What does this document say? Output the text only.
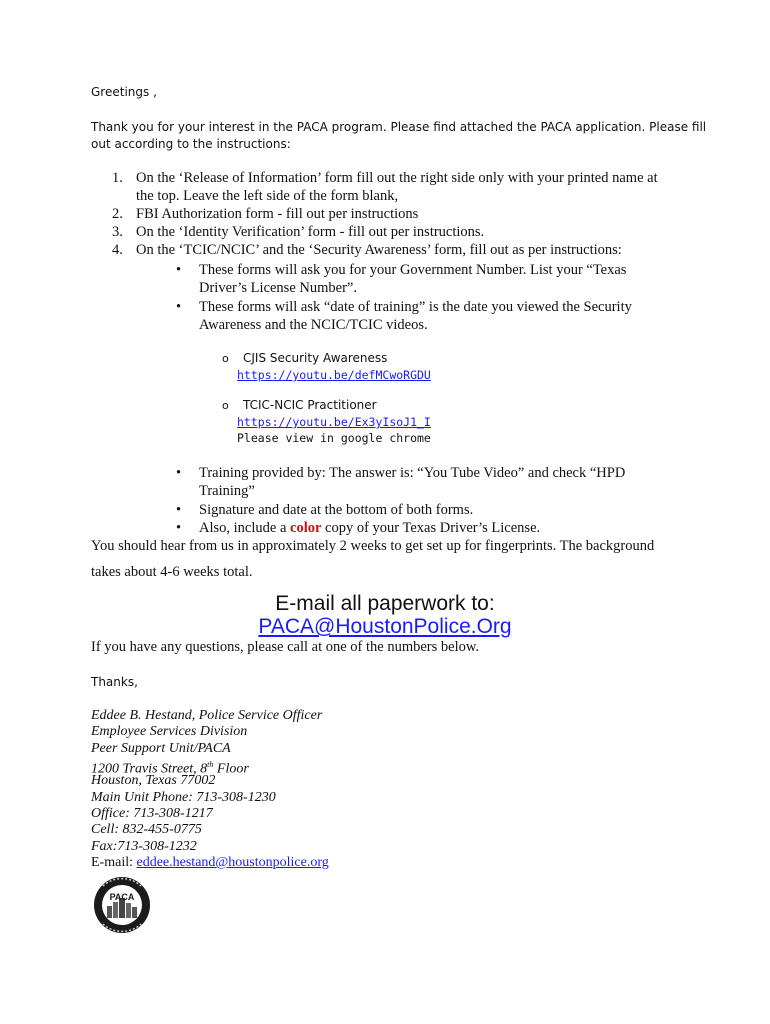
Greetings ,
Thank you for your interest in the PACA program. Please find attached the PACA application. Please fill
out according to the instructions:
1. On the ‘Release of Information’ form fill out the right side only with your printed name at
the top. Leave the left side of the form blank,
2. FBI Authorization form - fill out per instructions
3. On the ‘Identity Verification’ form - fill out per instructions.
4. On the ‘TCIC/NCIC’ and the ‘Security Awareness’ form, fill out as per instructions:
• These forms will ask you for your Government Number. List your “Texas
Driver’s License Number”.
• These forms will ask “date of training” is the date you viewed the Security
Awareness and the NCIC/TCIC videos.
o CJIS Security Awareness
https://youtu.be/defMCwoRGDU
o TCIC-NCIC Practitioner
https://youtu.be/Ex3yIsoJ1_I
Please view in google chrome
• Training provided by: The answer is: “You Tube Video” and check “HPD
Training”
• Signature and date at the bottom of both forms.
• Also, include a color copy of your Texas Driver’s License.
You should hear from us in approximately 2 weeks to get set up for fingerprints. The background
takes about 4-6 weeks total.
E-mail all paperwork to:
PACA@HoustonPolice.Org
If you have any questions, please call at one of the numbers below.
Thanks,
Eddee B. Hestand, Police Service Officer
Employee Services Division
Peer Support Unit/PACA
1200 Travis Street, 8th Floor
Houston, Texas 77002
Main Unit Phone: 713-308-1230
Office: 713-308-1217
Cell: 832-455-0775
Fax:713-308-1232
E-mail: eddee.hestand@houstonpolice.org
PACA
